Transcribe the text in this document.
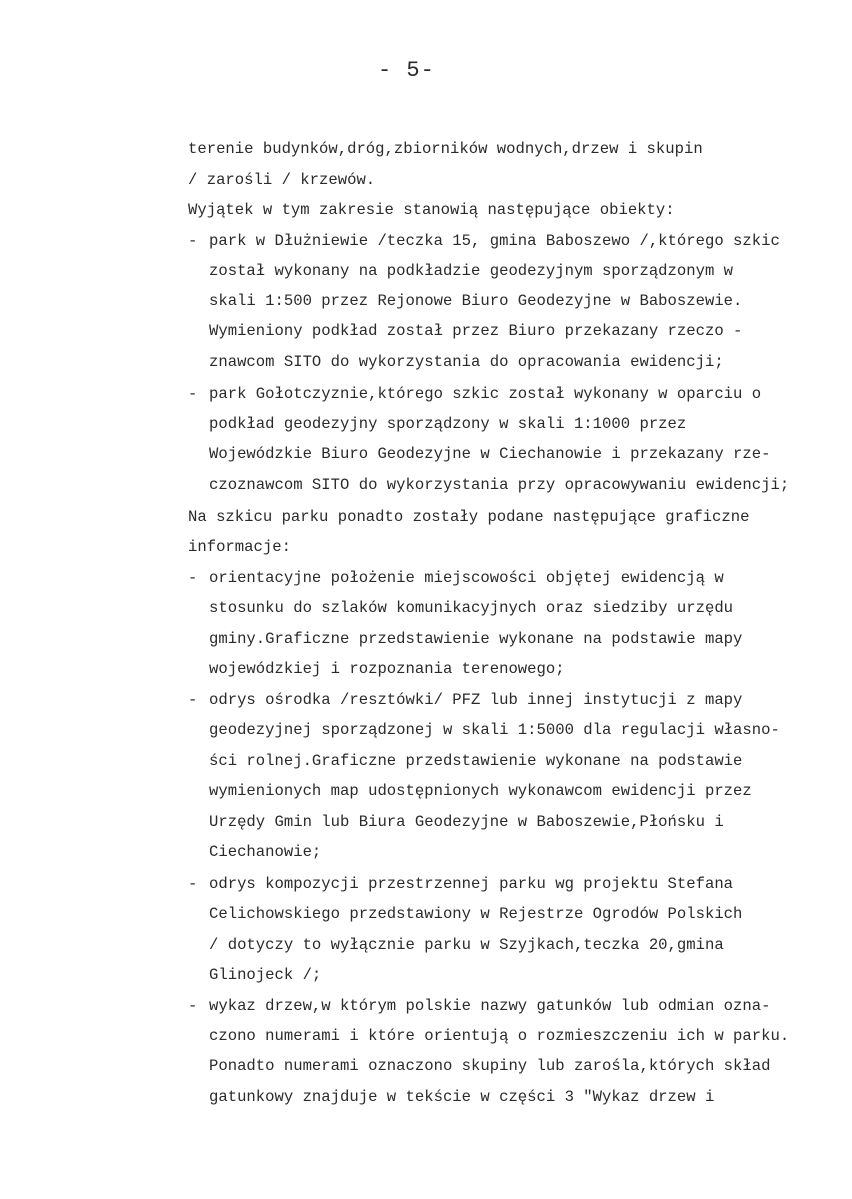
- 5-
terenie budynków,dróg,zbiorników wodnych,drzew i skupin
/ zarośli / krzewów.
Wyjątek w tym zakresie stanowią następujące obiekty:
- park w Dłużniewie /teczka 15, gmina Baboszewo /,którego szkic
został wykonany na podkładzie geodezyjnym sporządzonym w
skali 1:500 przez Rejonowe Biuro Geodezyjne w Baboszewie.
Wymieniony podkład został przez Biuro przekazany rzeczo -
znawcom SITO do wykorzystania do opracowania ewidencji;
- park Gołotczyznie,którego szkic został wykonany w oparciu o
podkład geodezyjny sporządzony w skali 1:1000 przez
Wojewódzkie Biuro Geodezyjne w Ciechanowie i przekazany rze-
czoznawcom SITO do wykorzystania przy opracowywaniu ewidencji;
Na szkicu parku ponadto zostały podane następujące graficzne
informacje:
- orientacyjne położenie miejscowości objętej ewidencją w
stosunku do szlaków komunikacyjnych oraz siedziby urzędu
gminy.Graficzne przedstawienie wykonane na podstawie mapy
wojewódzkiej i rozpoznania terenowego;
- odrys ośrodka /resztówki/ PFZ lub innej instytucji z mapy
geodezyjnej sporządzonej w skali 1:5000 dla regulacji własno-
ści rolnej.Graficzne przedstawienie wykonane na podstawie
wymienionych map udostępnionych wykonawcom ewidencji przez
Urzędy Gmin lub Biura Geodezyjne w Baboszewie,Płońsku i
Ciechanowie;
- odrys kompozycji przestrzennej parku wg projektu Stefana
Celichowskiego przedstawiony w Rejestrze Ogrodów Polskich
/ dotyczy to wyłącznie parku w Szyjkach,teczka 20,gmina
Glinojeck /;
- wykaz drzew,w którym polskie nazwy gatunków lub odmian ozna-
czono numerami i które orientują o rozmieszczeniu ich w parku.
Ponadto numerami oznaczono skupiny lub zarośla,których skład
gatunkowy znajduje w tekście w części 3 "Wykaz drzew i
